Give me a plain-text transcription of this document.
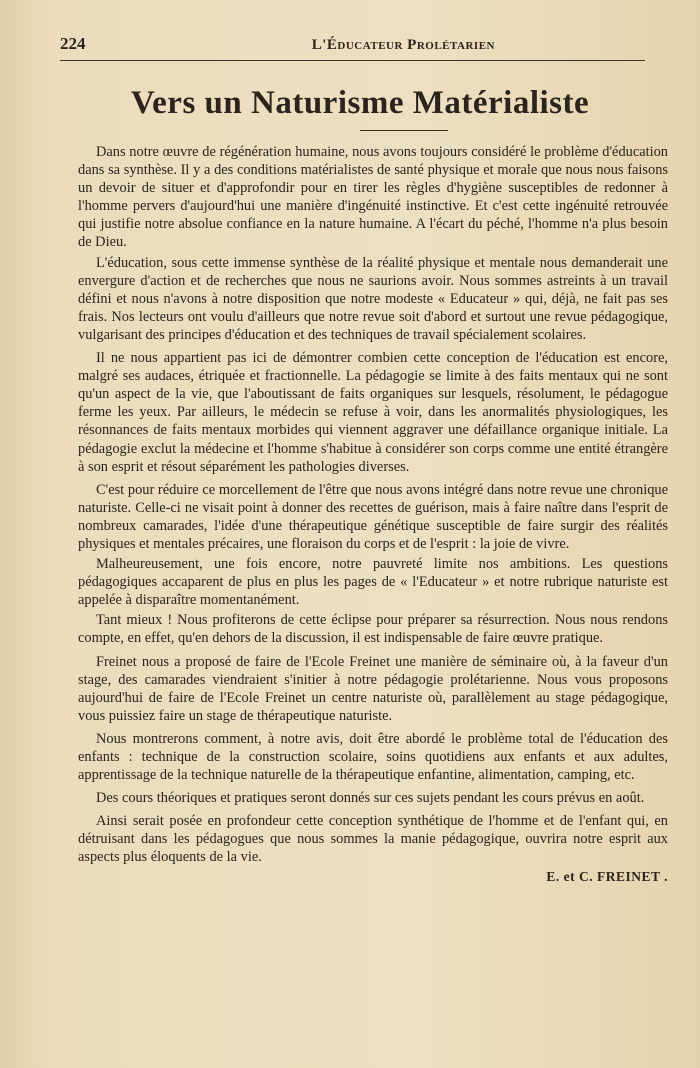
224	L'Éducateur Prolétarien
Vers un Naturisme Matérialiste

Dans notre œuvre de régénération humaine, nous avons toujours considéré le problème d'éducation dans sa synthèse. Il y a des conditions matérialistes de santé physique et morale que nous nous faisons un devoir de situer et d'approfondir pour en tirer les règles d'hygiène susceptibles de redonner à l'homme pervers d'aujourd'hui une manière d'ingénuité instinctive. Et c'est cette ingénuité retrouvée qui justifie notre absolue confiance en la nature humaine. A l'écart du péché, l'homme n'a plus besoin de Dieu.

L'éducation, sous cette immense synthèse de la réalité physique et mentale nous demanderait une envergure d'action et de recherches que nous ne saurions avoir. Nous sommes astreints à un travail défini et nous n'avons à notre disposition que notre modeste « Educateur » qui, déjà, ne fait pas ses frais. Nos lecteurs ont voulu d'ailleurs que notre revue soit d'abord et surtout une revue pédagogique, vulgarisant des principes d'éducation et des techniques de travail spécialement scolaires.

Il ne nous appartient pas ici de démontrer combien cette conception de l'éducation est encore, malgré ses audaces, étriquée et fractionnelle. La pédagogie se limite à des faits mentaux qui ne sont qu'un aspect de la vie, que l'aboutissant de faits organiques sur lesquels, résolument, le pédagogue ferme les yeux. Par ailleurs, le médecin se refuse à voir, dans les anormalités physiologiques, les résonnances de faits mentaux morbides qui viennent aggraver une défaillance organique initiale. La pédagogie exclut la médecine et l'homme s'habitue à considérer son corps comme une entité étrangère à son esprit et résout séparément les pathologies diverses.

C'est pour réduire ce morcellement de l'être que nous avons intégré dans notre revue une chronique naturiste. Celle-ci ne visait point à donner des recettes de guérison, mais à faire naître dans l'esprit de nombreux camarades, l'idée d'une thérapeutique génétique susceptible de faire surgir des réalités physiques et mentales précaires, une floraison du corps et de l'esprit : la joie de vivre.

Malheureusement, une fois encore, notre pauvreté limite nos ambitions. Les questions pédagogiques accaparent de plus en plus les pages de « l'Educateur » et notre rubrique naturiste est appelée à disparaître momentanément.

Tant mieux ! Nous profiterons de cette éclipse pour préparer sa résurrection. Nous nous rendons compte, en effet, qu'en dehors de la discussion, il est indispensable de faire œuvre pratique.

Freinet nous a proposé de faire de l'Ecole Freinet une manière de séminaire où, à la faveur d'un stage, des camarades viendraient s'initier à notre pédagogie prolétarienne. Nous vous proposons aujourd'hui de faire de l'Ecole Freinet un centre naturiste où, parallèlement au stage pédagogique, vous puissiez faire un stage de thérapeutique naturiste.

Nous montrerons comment, à notre avis, doit être abordé le problème total de l'éducation des enfants : technique de la construction scolaire, soins quotidiens aux enfants et aux adultes, apprentissage de la technique naturelle de la thérapeutique enfantine, alimentation, camping, etc.

Des cours théoriques et pratiques seront donnés sur ces sujets pendant les cours prévus en août.

Ainsi serait posée en profondeur cette conception synthétique de l'homme et de l'enfant qui, en détruisant dans les pédagogues que nous sommes la manie pédagogique, ouvrira notre esprit aux aspects plus éloquents de la vie.

E. et C. FREINET .
